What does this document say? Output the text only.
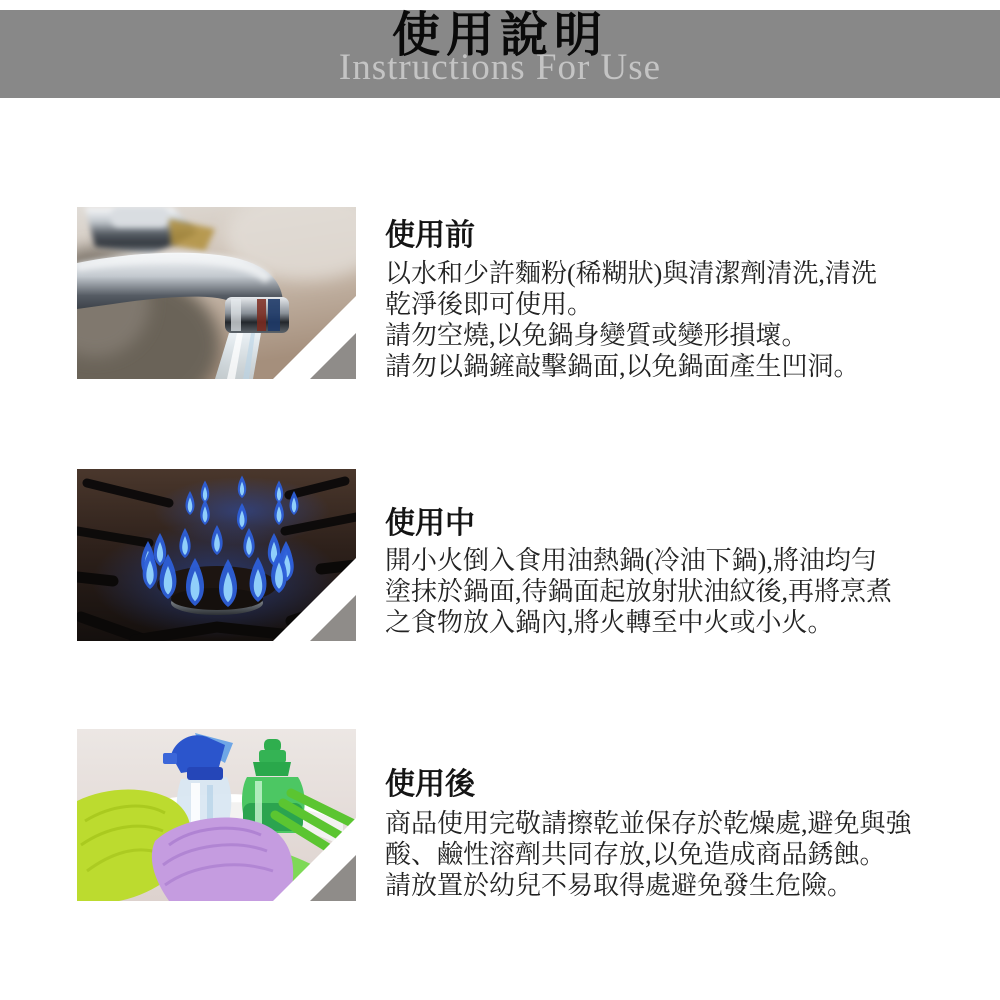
Instructions For Use
使用說明
使用前

以水和少許麵粉(稀糊狀)與清潔劑清洗,清洗

乾淨後即可使用。

請勿空燒,以免鍋身變質或變形損壞。

請勿以鍋鏟敲擊鍋面,以免鍋面產生凹洞。

使用中

開小火倒入食用油熱鍋(冷油下鍋),將油均勻

塗抹於鍋面,待鍋面起放射狀油紋後,再將烹煮

之食物放入鍋內,將火轉至中火或小火。

使用後

商品使用完敬請擦乾並保存於乾燥處,避免與強

酸、鹼性溶劑共同存放,以免造成商品銹蝕。

請放置於幼兒不易取得處避免發生危險。
